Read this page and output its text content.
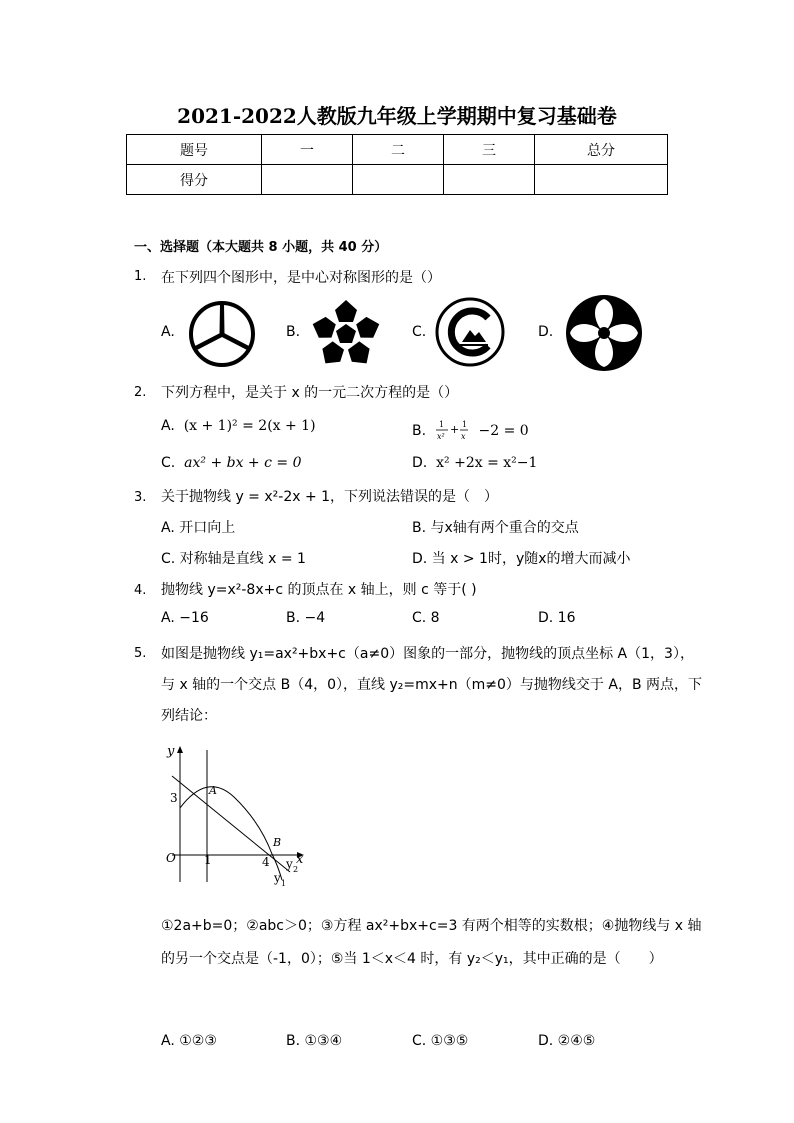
2021-2022人教版九年级上学期期中复习基础卷
题号	一	二	三	总分
得分				
一、选择题（本大题共 8 小题，共 40 分）
1. 在下列四个图形中，是中心对称图形的是（）
A.	B.	C.	D.
2. 下列方程中，是关于 x 的一元二次方程的是（）
A.  (x + 1)² = 2(x + 1)	B. 1
x²
+ 1
x −2 = 0
C.  ax² + bx + c = 0	D.  x² +2x = x²−1
3. 关于抛物线 y = x²-2x + 1，下列说法错误的是（　）
A. 开口向上	B. 与x轴有两个重合的交点
C. 对称轴是直线 x = 1	D. 当 x > 1时，y随x的增大而减小
4. 抛物线 y=x²-8x+c 的顶点在 x 轴上，则 c 等于( )
A. −16	B. −4	C. 8	D. 16
5. 如图是抛物线 y₁=ax²+bx+c（a≠0）图象的一部分，抛物线的顶点坐标 A（1，3），
与 x 轴的一个交点 B（4，0），直线 y₂=mx+n（m≠0）与抛物线交于 A，B 两点，下
列结论：
y
x
A
B
O 1
3
4
y 1
y 2
①2a+b=0；②abc＞0；③方程 ax²+bx+c=3 有两个相等的实数根；④抛物线与 x 轴
的另一个交点是（-1，0）；⑤当 1＜x＜4 时，有 y₂＜y₁，其中正确的是（　　）
A. ①②③	B. ①③④	C. ①③⑤	D. ②④⑤
